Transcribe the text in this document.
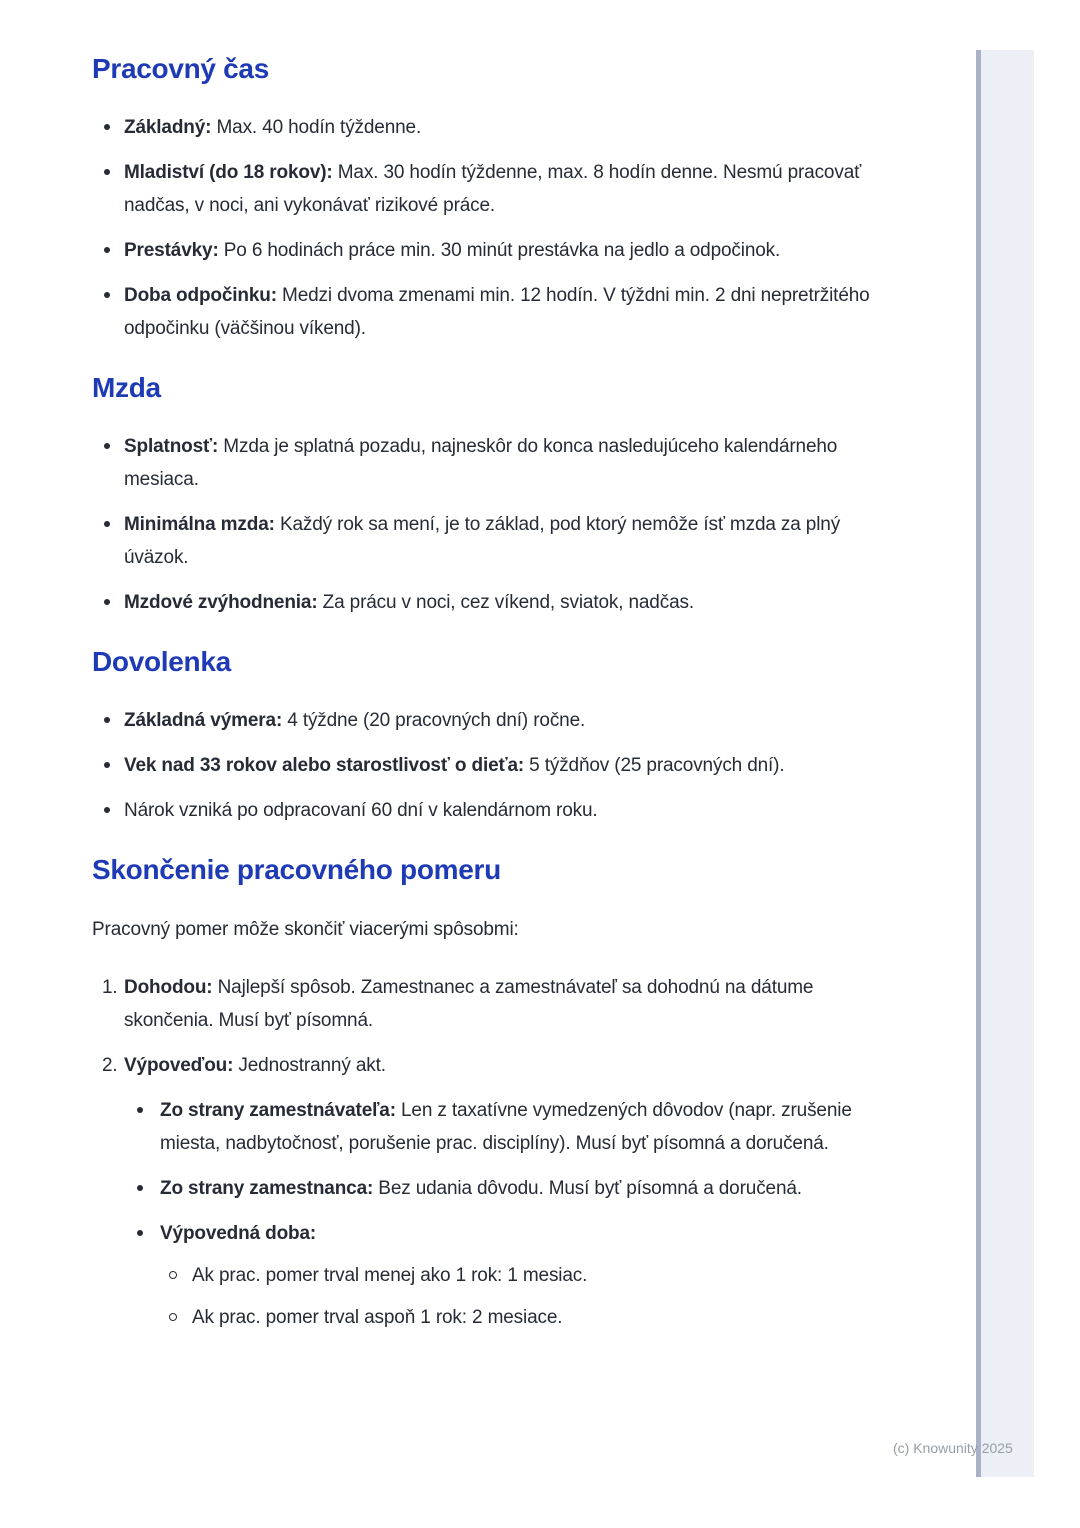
Pracovný čas
Základný: Max. 40 hodín týždenne.
Mladiství (do 18 rokov): Max. 30 hodín týždenne, max. 8 hodín denne. Nesmú pracovať nadčas, v noci, ani vykonávať rizikové práce.
Prestávky: Po 6 hodinách práce min. 30 minút prestávka na jedlo a odpočinok.
Doba odpočinku: Medzi dvoma zmenami min. 12 hodín. V týždni min. 2 dni nepretržitého odpočinku (väčšinou víkend).
Mzda
Splatnosť: Mzda je splatná pozadu, najneskôr do konca nasledujúceho kalendárneho mesiaca.
Minimálna mzda: Každý rok sa mení, je to základ, pod ktorý nemôže ísť mzda za plný úväzok.
Mzdové zvýhodnenia: Za prácu v noci, cez víkend, sviatok, nadčas.
Dovolenka
Základná výmera: 4 týždne (20 pracovných dní) ročne.
Vek nad 33 rokov alebo starostlivosť o dieťa: 5 týždňov (25 pracovných dní).
Nárok vzniká po odpracovaní 60 dní v kalendárnom roku.
Skončenie pracovného pomeru

Pracovný pomer môže skončiť viacerými spôsobmi:

1. Dohodou: Najlepší spôsob. Zamestnanec a zamestnávateľ sa dohodnú na dátume skončenia. Musí byť písomná.
2. Výpoveďou: Jednostranný akt.
Zo strany zamestnávateľa: Len z taxatívne vymedzených dôvodov (napr. zrušenie miesta, nadbytočnosť, porušenie prac. disciplíny). Musí byť písomná a doručená.
Zo strany zamestnanca: Bez udania dôvodu. Musí byť písomná a doručená.
Výpovedná doba:
Ak prac. pomer trval menej ako 1 rok: 1 mesiac.
Ak prac. pomer trval aspoň 1 rok: 2 mesiace.
(c) Knowunity 2025
